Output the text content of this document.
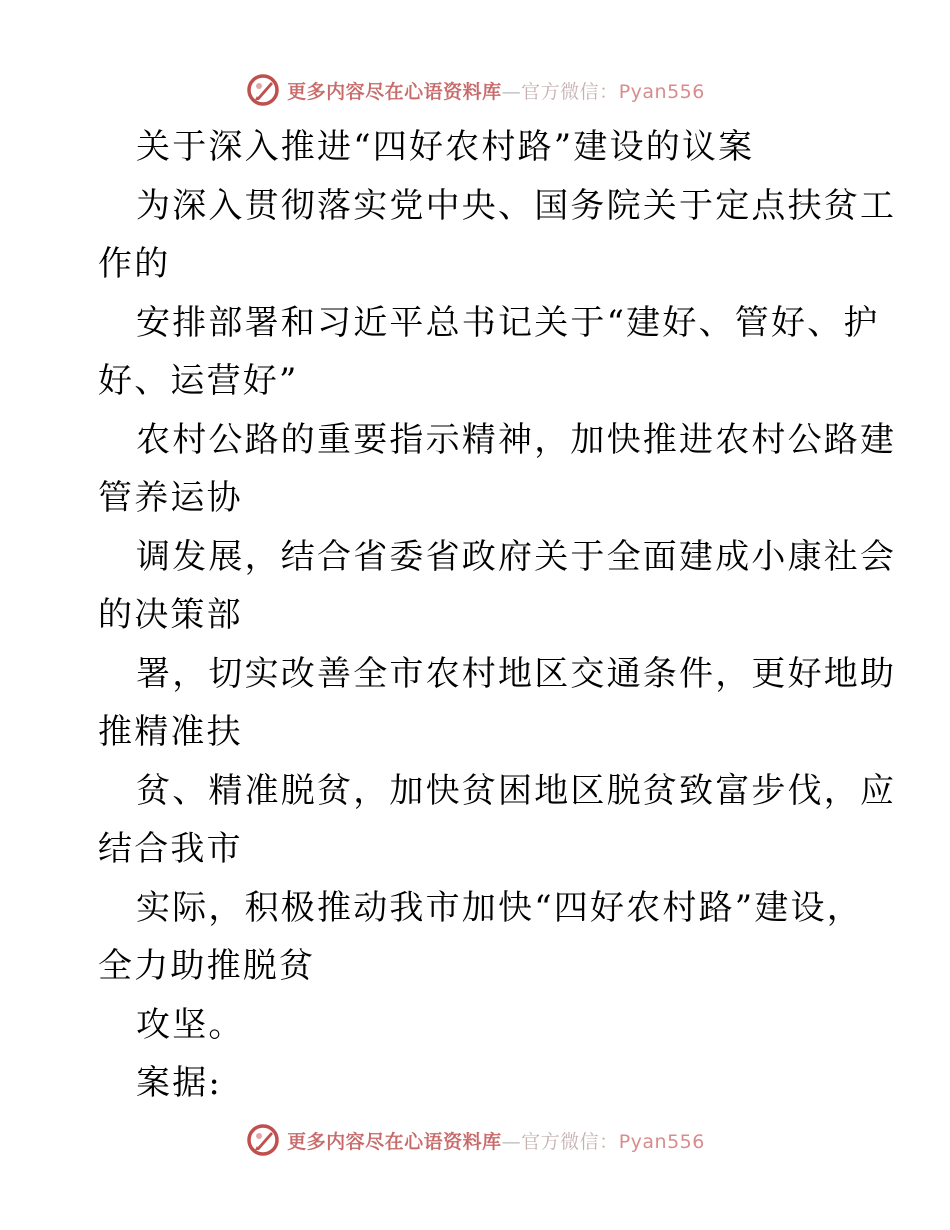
更多内容尽在心语资料库—官方微信：Pyan556
关于深入推进“四好农村路”建设的议案
为深入贯彻落实党中央、国务院关于定点扶贫工
作的
安排部署和习近平总书记关于“建好、管好、护
好、运营好”
农村公路的重要指示精神，加快推进农村公路建
管养运协
调发展，结合省委省政府关于全面建成小康社会
的决策部
署，切实改善全市农村地区交通条件，更好地助
推精准扶
贫、精准脱贫，加快贫困地区脱贫致富步伐，应
结合我市
实际，积极推动我市加快“四好农村路”建设，
全力助推脱贫
攻坚。
案据:
更多内容尽在心语资料库—官方微信：Pyan556
